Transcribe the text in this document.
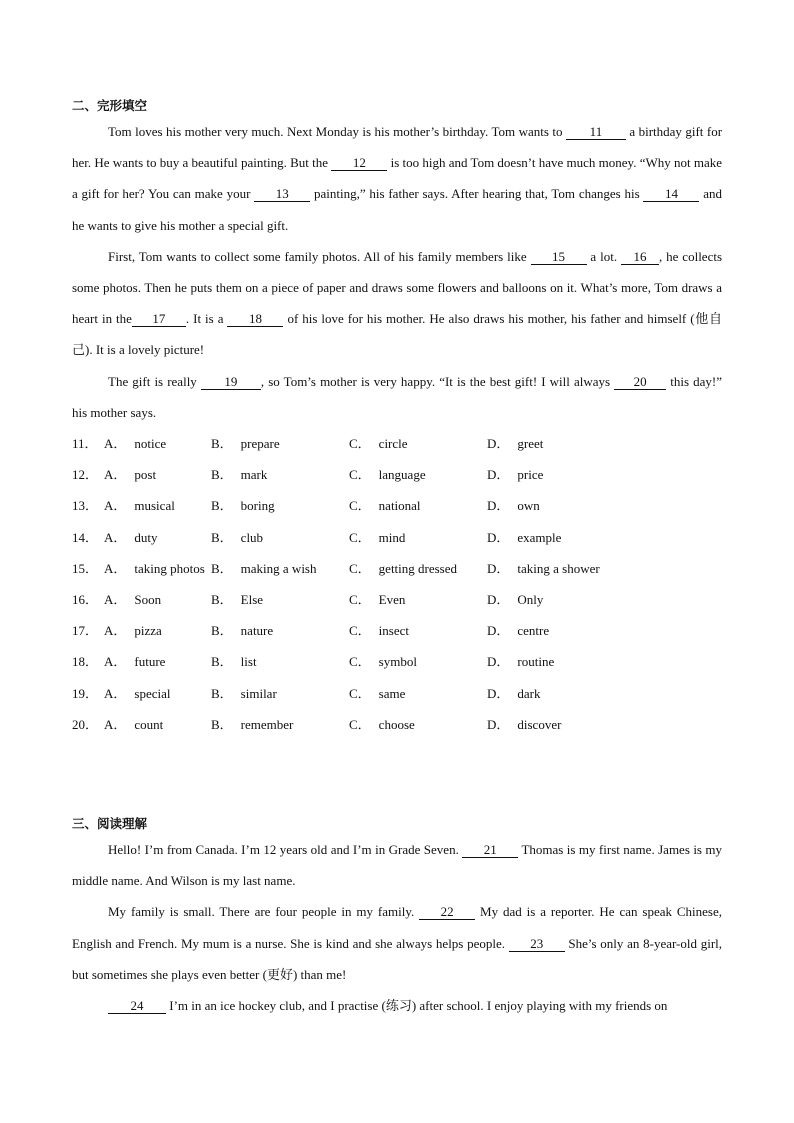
二、完形填空

Tom loves his mother very much. Next Monday is his mother’s birthday. Tom wants to 11 a birthday gift for her. He wants to buy a beautiful painting. But the 12 is too high and Tom doesn’t have much money. “Why not make a gift for her? You can make your 13 painting,” his father says. After hearing that, Tom changes his 14 and he wants to give his mother a special gift.

First, Tom wants to collect some family photos. All of his family members like 15 a lot. 16 , he collects some photos. Then he puts them on a piece of paper and draws some flowers and balloons on it. What’s more, Tom draws a heart in the 17 . It is a 18 of his love for his mother. He also draws his mother, his father and himself (他自己). It is a lovely picture!

The gift is really 19 , so Tom’s mother is very happy. “It is the best gift! I will always 20 this day!” his mother says.

11． A． notice	B． prepare	C． circle	D． greet
12． A． post	B． mark	C． language	D． price
13． A． musical	B． boring	C． national	D． own
14． A． duty	B． club	C． mind	D． example
15． A． taking photos B． making a wish	C． getting dressed D． taking a shower
16． A． Soon	B． Else	C． Even	D． Only
17． A． pizza	B． nature	C． insect	D． centre
18． A． future	B． list	C． symbol	D． routine
19． A． special	B． similar	C． same	D． dark
20． A． count	B． remember	C． choose	D． discover
三、阅读理解

Hello! I’m from Canada. I’m 12 years old and I’m in Grade Seven. 21 Thomas is my first name. James is my middle name. And Wilson is my last name.

My family is small. There are four people in my family. 22 My dad is a reporter. He can speak Chinese, English and French. My mum is a nurse. She is kind and she always helps people. 23 She’s only an 8-year-old girl, but sometimes she plays even better (更好) than me!

24 I’m in an ice hockey club, and I practise (练习) after school. I enjoy playing with my friends on
